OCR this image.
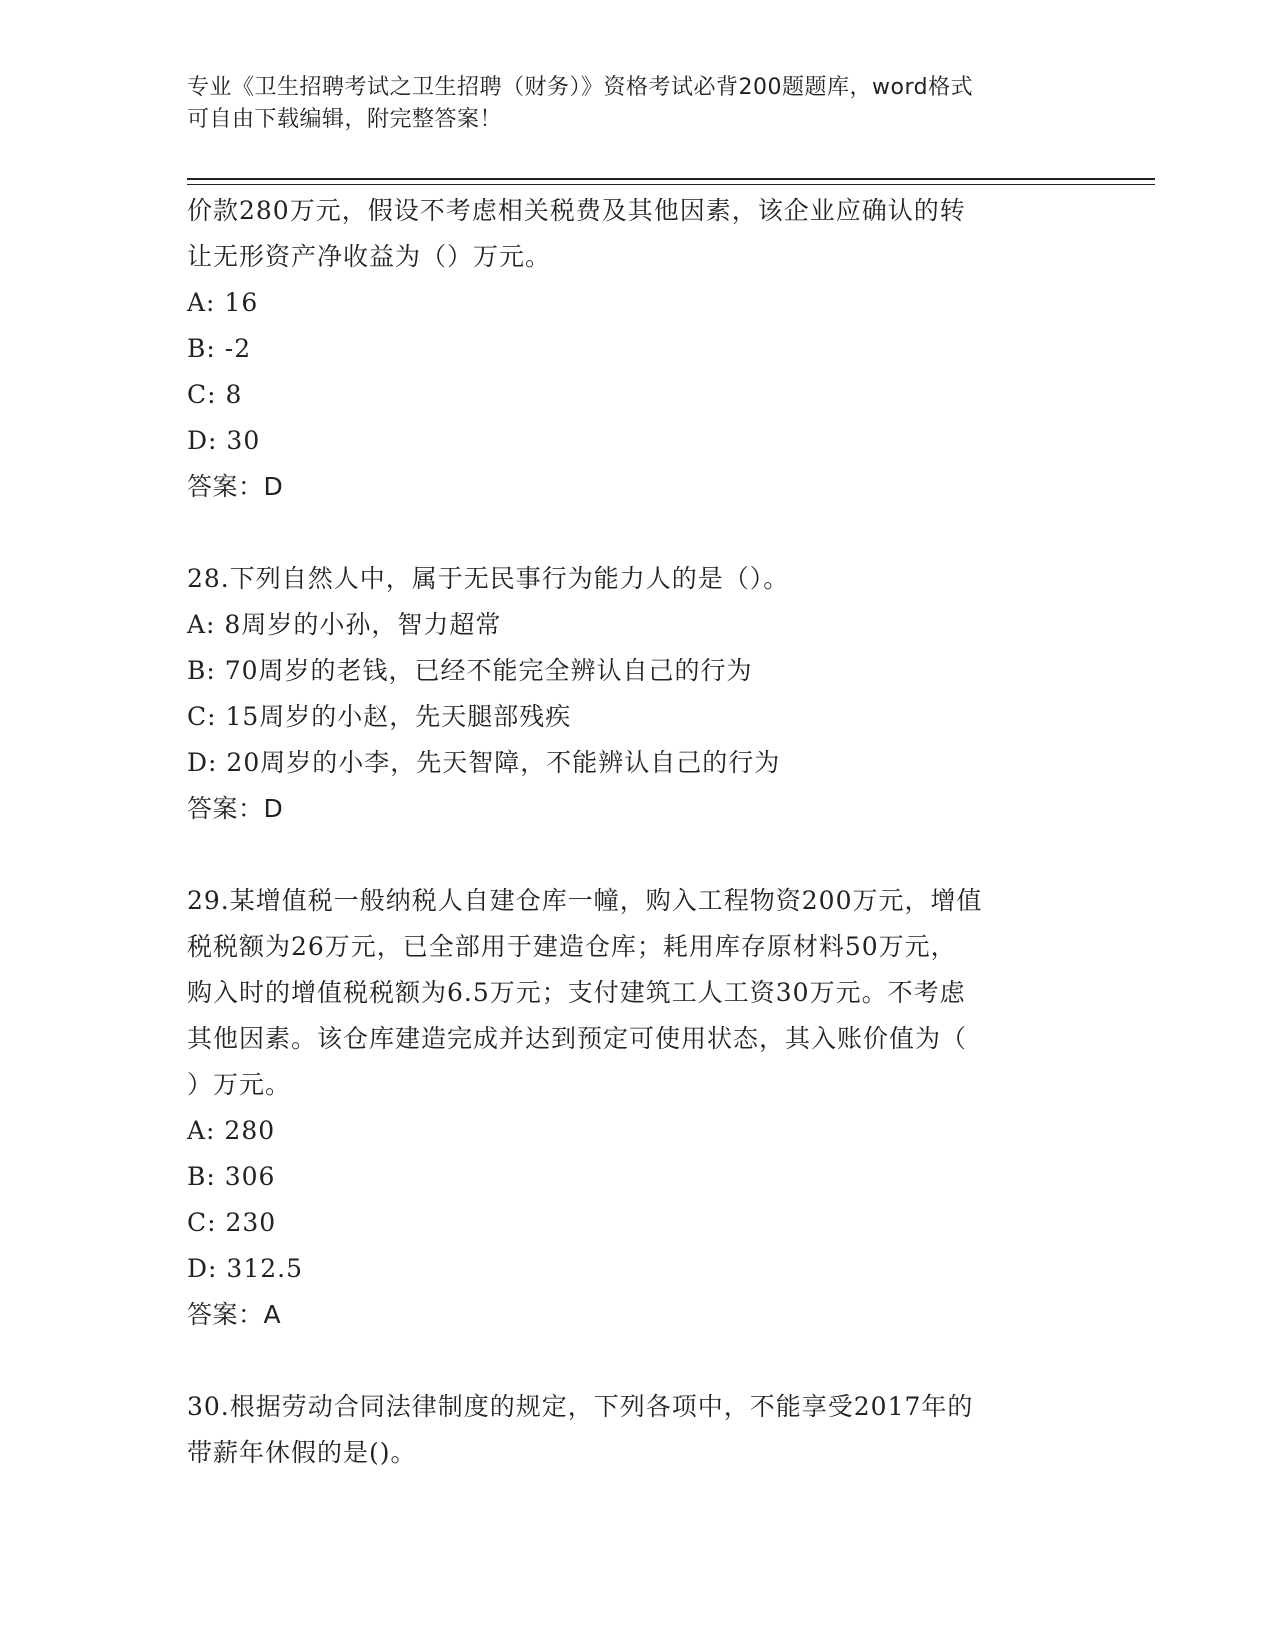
专业《卫生招聘考试之卫生招聘（财务）》资格考试必背200题题库，word格式
可自由下载编辑，附完整答案！
价款280万元，假设不考虑相关税费及其他因素，该企业应确认的转
让无形资产净收益为（）万元。
A: 16
B: -2
C: 8
D: 30
答案：D
28.下列自然人中，属于无民事行为能力人的是（）。
A: 8周岁的小孙，智力超常
B: 70周岁的老钱，已经不能完全辨认自己的行为
C: 15周岁的小赵，先天腿部残疾
D: 20周岁的小李，先天智障，不能辨认自己的行为
答案：D
29.某增值税一般纳税人自建仓库一幢，购入工程物资200万元，增值
税税额为26万元，已全部用于建造仓库；耗用库存原材料50万元，
购入时的增值税税额为6.5万元；支付建筑工人工资30万元。不考虑
其他因素。该仓库建造完成并达到预定可使用状态，其入账价值为（
）万元。
A: 280
B: 306
C: 230
D: 312.5
答案：A
30.根据劳动合同法律制度的规定，下列各项中，不能享受2017年的
带薪年休假的是()。
